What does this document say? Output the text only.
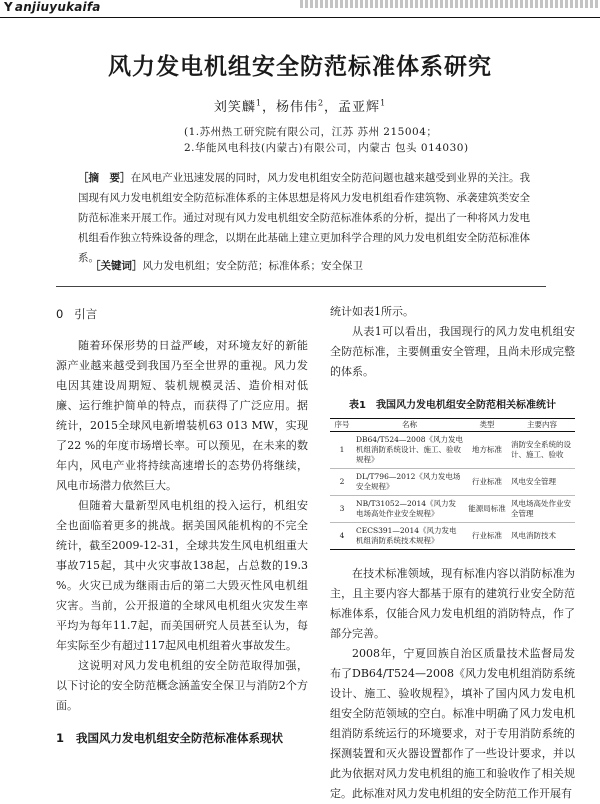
Y anjiuyukaifa
风力发电机组安全防范标准体系研究
刘笑麟$^1$，杨伟伟$^2$，孟亚辉$^1$
(1.苏州热工研究院有限公司，江苏 苏州 215004；
2.华能风电科技(内蒙古)有限公司，内蒙古 包头 014030)
［摘　要］在风电产业迅速发展的同时，风力发电机组安全防范问题也越来越受到业界的关注。我国现有风力发电机组安全防范标准体系的主体思想是将风力发电机组看作建筑物、承袭建筑类安全防范标准来开展工作。通过对现有风力发电机组安全防范标准体系的分析，提出了一种将风力发电机组看作独立特殊设备的理念，以期在此基础上建立更加科学合理的风力发电机组安全防范标准体系。
［关键词］风力发电机组；安全防范；标准体系；安全保卫

0 引言

随着环保形势的日益严峻，对环境友好的新能源产业越来越受到我国乃至全世界的重视。风力发电因其建设周期短、装机规模灵活、造价相对低廉、运行维护简单的特点，而获得了广泛应用。据统计，2015全球风电新增装机63 013 MW，实现了22 %的年度市场增长率。可以预见，在未来的数年内，风电产业将持续高速增长的态势仍将继续，风电市场潜力依然巨大。

但随着大量新型风电机组的投入运行，机组安全也面临着更多的挑战。据美国风能机构的不完全统计，截至2009-12-31，全球共发生风电机组重大事故715起，其中火灾事故138起，占总数的19.3 %。火灾已成为继雨击后的第二大毁灭性风电机组灾害。当前，公开报道的全球风电机组火灾发生率平均为每年11.7起，而美国研究人员甚至认为，每年实际至少有超过117起风电机组着火事故发生。

这说明对风力发电机组的安全防范取得加强，以下讨论的安全防范概念涵盖安全保卫与消防2个方面。

1 我国风力发电机组安全防范标准体系现状

统计如表1所示。

从表1可以看出，我国现行的风力发电机组安全防范标准，主要侧重安全管理，且尚未形成完整的体系。

表1　我国风力发电机组安全防范相关标准统计
序号	名称	类型	主要内容
1	DB64/T524—2008《风力发电机组消防系统设计、施工、验收规程》	地方标准	消防安全系统的设计、施工、验收
2	DL/T796—2012《风力发电场安全规程》	行业标准	风电安全管理
3	NB/T31052—2014《风力发电场高处作业安全规程》	能源局标准	风电场高处作业安全管理
4	CECS391—2014《风力发电机组消防系统技术规程》	行业标准	风电消防技术

在技术标准领域，现有标准内容以消防标准为主，且主要内容大都基于原有的建筑行业安全防范标准体系，仅能合风力发电机组的消防特点，作了部分完善。

2008年，宁夏回族自治区质量技术监督局发布了DB64/T524—2008《风力发电机组消防系统设计、施工、验收规程》，填补了国内风力发电机组安全防范领域的空白。标准中明确了风力发电机组消防系统运行的环境要求，对于专用消防系统的探测装置和灭火器设置都作了一些设计要求，并以此为依据对风力发电机组的施工和验收作了相关规定。此标准对风力发电机组的安全防范工作开展有
